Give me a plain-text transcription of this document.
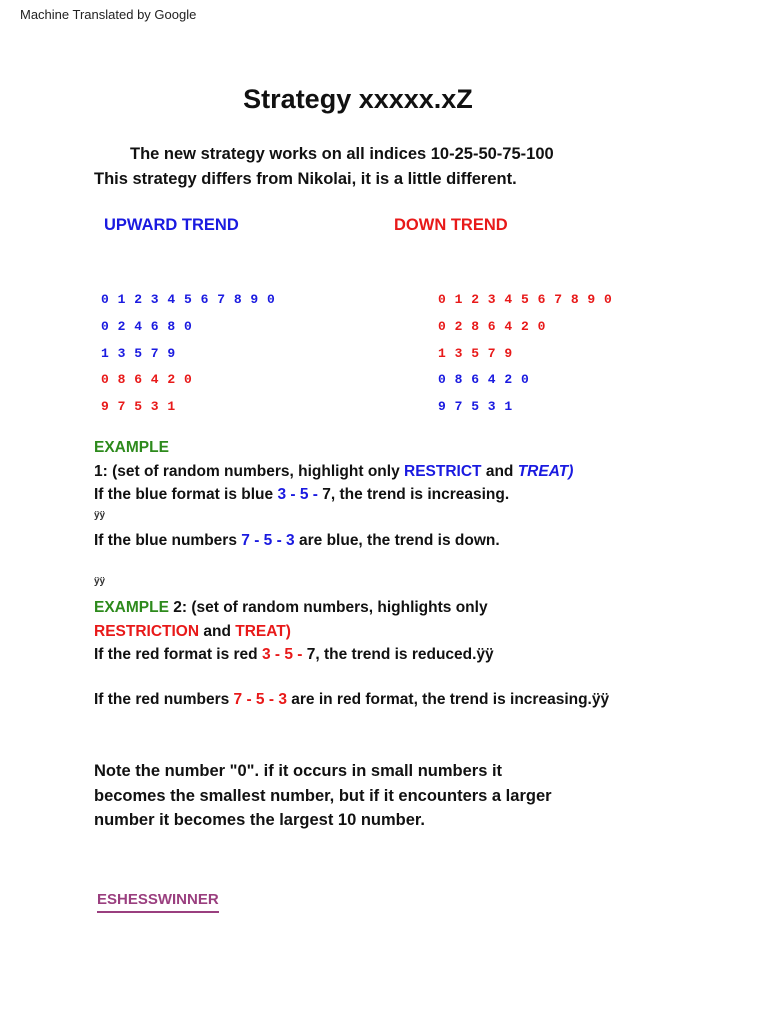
Machine Translated by Google
Strategy xxxxx.xZ
The new strategy works on all indices 10-25-50-75-100
This strategy differs from Nikolai, it is a little different.
UPWARD TREND	DOWN TREND
0 1 2 3 4 5 6 7 8 9 0
0 2 4 6 8 0
1 3 5 7 9
0 8 6 4 2 0
9 7 5 3 1
0 1 2 3 4 5 6 7 8 9 0
0 2 8 6 4 2 0
1 3 5 7 9
0 8 6 4 2 0
9 7 5 3 1
EXAMPLE
1: (set of random numbers, highlight only RESTRICT and TREAT)
If the blue format is blue 3 - 5 - 7, the trend is increasing.
ÿÿ
If the blue numbers 7 - 5 - 3 are blue, the trend is down.
ÿÿ
EXAMPLE 2: (set of random numbers, highlights only
RESTRICTION and TREAT)
If the red format is red 3 - 5 - 7, the trend is reduced.ÿÿ
If the red numbers 7 - 5 - 3 are in red format, the trend is increasing.ÿÿ
Note the number "0". if it occurs in small numbers it
becomes the smallest number, but if it encounters a larger
number it becomes the largest 10 number.
ESHESSWINNER
